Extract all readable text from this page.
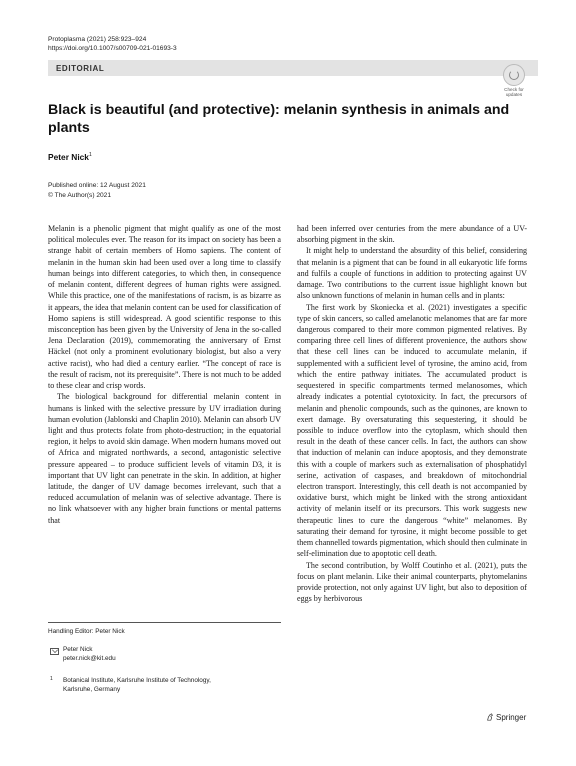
Protoplasma (2021) 258:923–924
https://doi.org/10.1007/s00709-021-01693-3
EDITORIAL
Check for
updates
Black is beautiful (and protective): melanin synthesis in animals and plants
Peter Nick$^1$
Published online: 12 August 2021
© The Author(s) 2021

Melanin is a phenolic pigment that might qualify as one of the most political molecules ever. The reason for its impact on society has been a strange habit of certain members of Homo sapiens. The content of melanin in the human skin had been used over a long time to classify human beings into different categories, to which then, in consequence of melanin content, different degrees of human rights were assigned. While this practice, one of the manifestations of racism, is as bizarre as it appears, the idea that melanin content can be used for classification of Homo sapiens is still widespread. A good scientific response to this misconception has been given by the University of Jena in the so-called Jena Declaration (2019), commemorating the anniversary of Ernst Häckel (not only a prominent evolutionary biologist, but also a very active racist), who had died a century earlier. “The concept of race is the result of racism, not its prerequisite”. There is not much to be added to these clear and crisp words.

The biological background for differential melanin content in humans is linked with the selective pressure by UV irradiation during human evolution (Jablonski and Chaplin 2010). Melanin can absorb UV light and thus protects folate from photo-destruction; in the equatorial region, it helps to avoid skin damage. When modern humans moved out of Africa and migrated northwards, a second, antagonistic selective pressure appeared – to produce sufficient levels of vitamin D3, it is important that UV light can penetrate in the skin. In addition, at higher latitude, the danger of UV damage becomes irrelevant, such that a reduced accumulation of melanin was of selective advantage. There is no link whatsoever with any higher brain functions or mental patterns that

had been inferred over centuries from the mere abundance of a UV-absorbing pigment in the skin.

It might help to understand the absurdity of this belief, considering that melanin is a pigment that can be found in all eukaryotic life forms and fulfils a couple of functions in addition to protecting against UV damage. Two contributions to the current issue highlight known but also unknown functions of melanin in human cells and in plants:

The first work by Skoniecka et al. (2021) investigates a specific type of skin cancers, so called amelanotic melanomes that are far more dangerous compared to their more common pigmented relatives. By comparing three cell lines of different provenience, the authors show that these cell lines can be induced to accumulate melanin, if supplemented with a sufficient level of tyrosine, the amino acid, from which the entire pathway initiates. The accumulated product is sequestered in specific compartments termed melanosomes, which already indicates a potential cytotoxicity. In fact, the precursors of melanin and phenolic compounds, such as the quinones, are known to exert damage. By oversaturating this sequestering, it should be possible to induce overflow into the cytoplasm, which should then result in the death of these cancer cells. In fact, the authors can show that induction of melanin can induce apoptosis, and they demonstrate this with a couple of markers such as externalisation of phosphatidyl serine, activation of caspases, and breakdown of mitochondrial electron transport. Interestingly, this cell death is not accompanied by oxidative burst, which might be linked with the strong antioxidant activity of melanin itself or its precursors. This work suggests new therapeutic lines to cure the dangerous “white” melanomes. By saturating their demand for tyrosine, it might become possible to get them channelled towards pigmentation, which should then culminate in self-elimination due to apoptotic cell death.

The second contribution, by Wolff Coutinho et al. (2021), puts the focus on plant melanin. Like their animal counterparts, phytomelanins provide protection, not only against UV light, but also to deposition of eggs by herbivorous

Handling Editor: Peter Nick
Peter Nick
peter.nick@kit.edu
1 Botanical Institute, Karlsruhe Institute of Technology,
Karlsruhe, Germany
Springer
